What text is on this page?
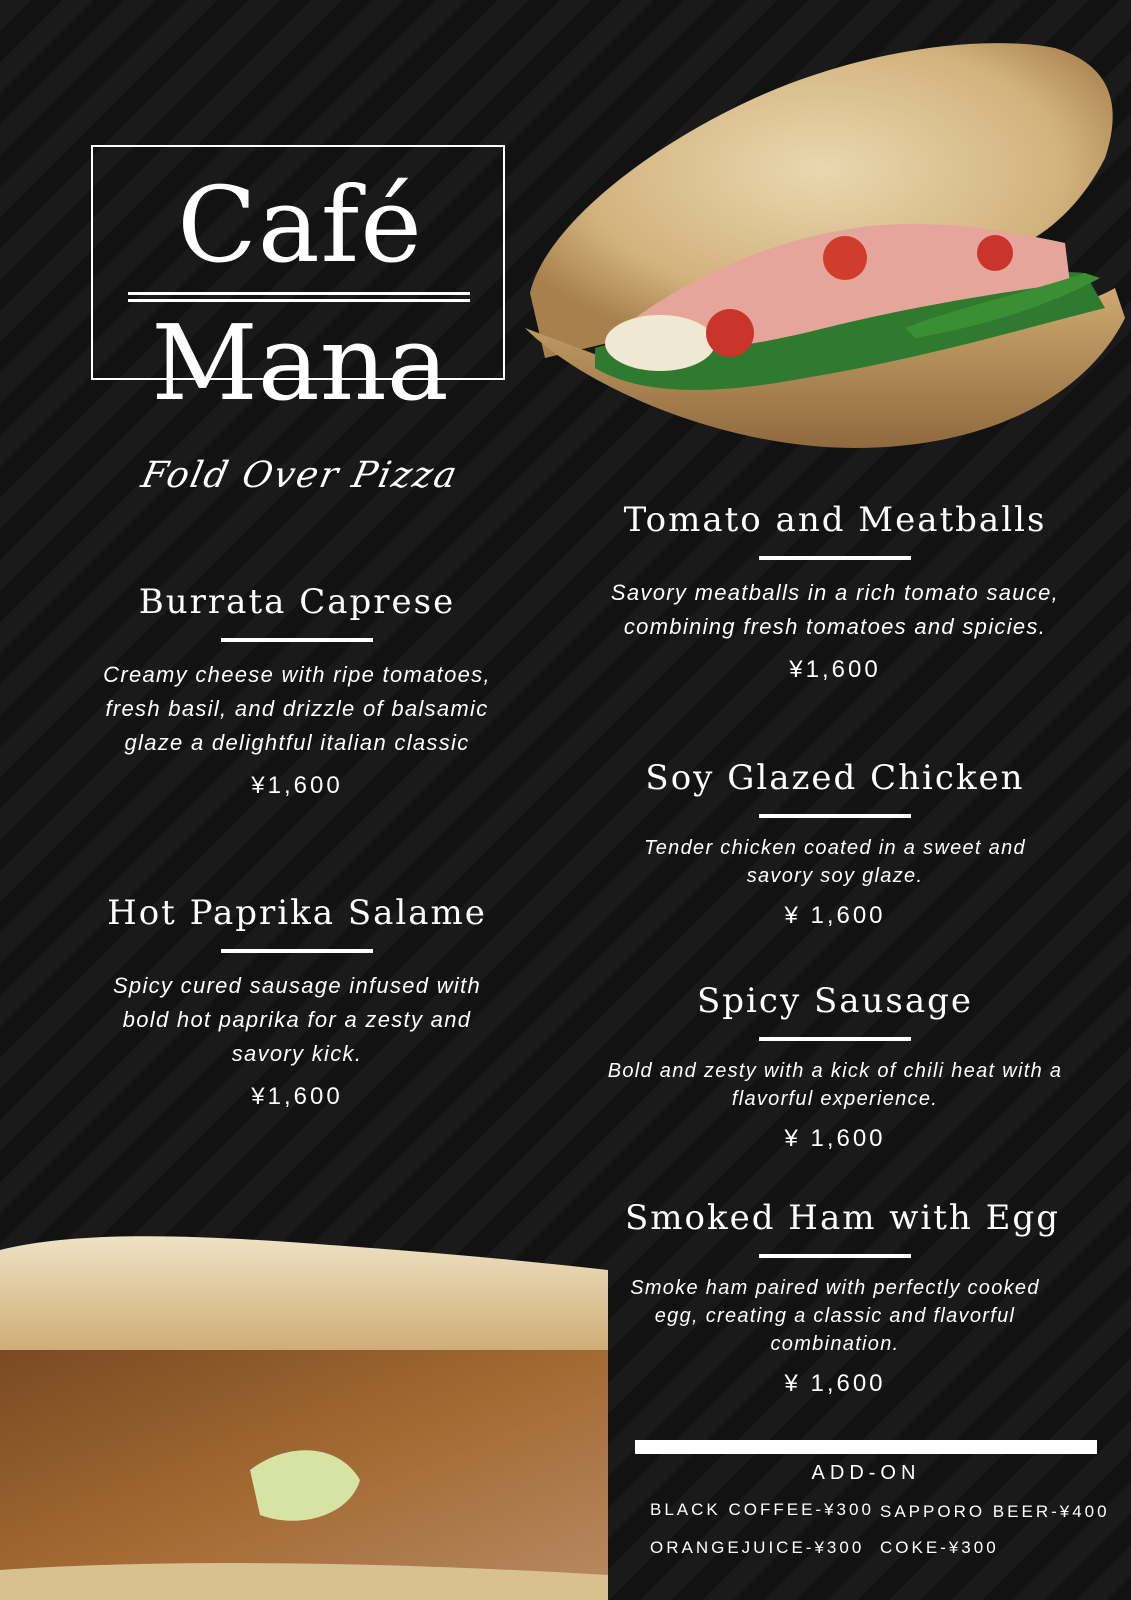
Café
Mana
Fold Over Pizza
Burrata Caprese
Creamy cheese with ripe tomatoes, fresh basil, and drizzle of balsamic glaze a delightful italian classic
¥1,600
Hot Paprika Salame
Spicy cured sausage infused with bold hot paprika for a zesty and savory kick.
¥1,600
Tomato and Meatballs
Savory meatballs in a rich tomato sauce, combining fresh tomatoes and spicies.
¥1,600
Soy Glazed Chicken
Tender chicken coated in a sweet and savory soy glaze.
¥ 1,600
Spicy Sausage
Bold and zesty with a kick of chili heat with a flavorful experience.
¥ 1,600
Smoked Ham with Egg
Smoke ham paired with perfectly cooked egg, creating a classic and flavorful combination.
¥ 1,600
ADD-ON
BLACK COFFEE-¥300 SAPPORO BEER-¥400
ORANGEJUICE-¥300 COKE-¥300
